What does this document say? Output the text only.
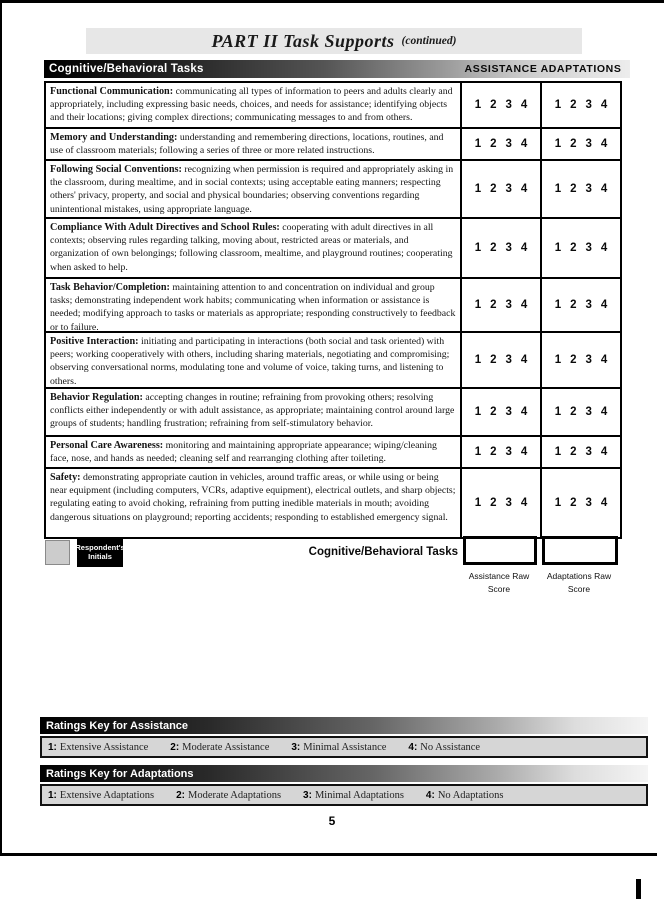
PART II Task Supports (continued)
Cognitive/Behavioral Tasks	ASSISTANCE ADAPTATIONS
Functional Communication: communicating all types of information to peers and adults clearly and appropriately, including expressing basic needs, choices, and needs for assistance; identifying objects and their locations; giving complex directions; communicating messages to and from others.
1 2 3 4 1 2 3 4
Memory and Understanding: understanding and remembering directions, locations, routines, and use of classroom materials; following a series of three or more related instructions.
1 2 3 4 1 2 3 4
Following Social Conventions: recognizing when permission is required and appropriately asking in the classroom, during mealtime, and in social contexts; using acceptable eating manners; respecting others' privacy, property, and social and physical boundaries; observing conventions regarding unintentional mistakes, using appropriate language.
1 2 3 4 1 2 3 4
Compliance With Adult Directives and School Rules: cooperating with adult directives in all contexts; observing rules regarding talking, moving about, restricted areas or materials, and organization of own belongings; following classroom, mealtime, and playground routines; cooperating when asked to help.
1 2 3 4 1 2 3 4
Task Behavior/Completion: maintaining attention to and concentration on individual and group tasks; demonstrating independent work habits; communicating when information or assistance is needed; modifying approach to tasks or materials as appropriate; responding constructively to feedback or to failure.
1 2 3 4 1 2 3 4
Positive Interaction: initiating and participating in interactions (both social and task oriented) with peers; working cooperatively with others, including sharing materials, negotiating and compromising; observing conversational norms, modulating tone and volume of voice, taking turns, and listening to others.
1 2 3 4 1 2 3 4
Behavior Regulation: accepting changes in routine; refraining from provoking others; resolving conflicts either independently or with adult assistance, as appropriate; maintaining control around large groups of students; handling frustration; refraining from self-stimulatory behavior.
1 2 3 4 1 2 3 4
Personal Care Awareness: monitoring and maintaining appropriate appearance; wiping/cleaning face, nose, and hands as needed; cleaning self and rearranging clothing after toileting.
1 2 3 4 1 2 3 4
Safety: demonstrating appropriate caution in vehicles, around traffic areas, or while using or being near equipment (including computers, VCRs, adaptive equipment), electrical outlets, and sharp objects; regulating eating to avoid choking, refraining from putting inedible materials in mouth; avoiding dangerous situations on playground; reporting accidents; responding to established emergency signal.
1 2 3 4 1 2 3 4
Respondent's Initials	Cognitive/Behavioral Tasks
Assistance Raw Score
Adaptations Raw Score
Ratings Key for Assistance
1: Extensive Assistance 2: Moderate Assistance 3: Minimal Assistance 4: No Assistance
Ratings Key for Adaptations
1: Extensive Adaptations 2: Moderate Adaptations 3: Minimal Adaptations 4: No Adaptations
5
